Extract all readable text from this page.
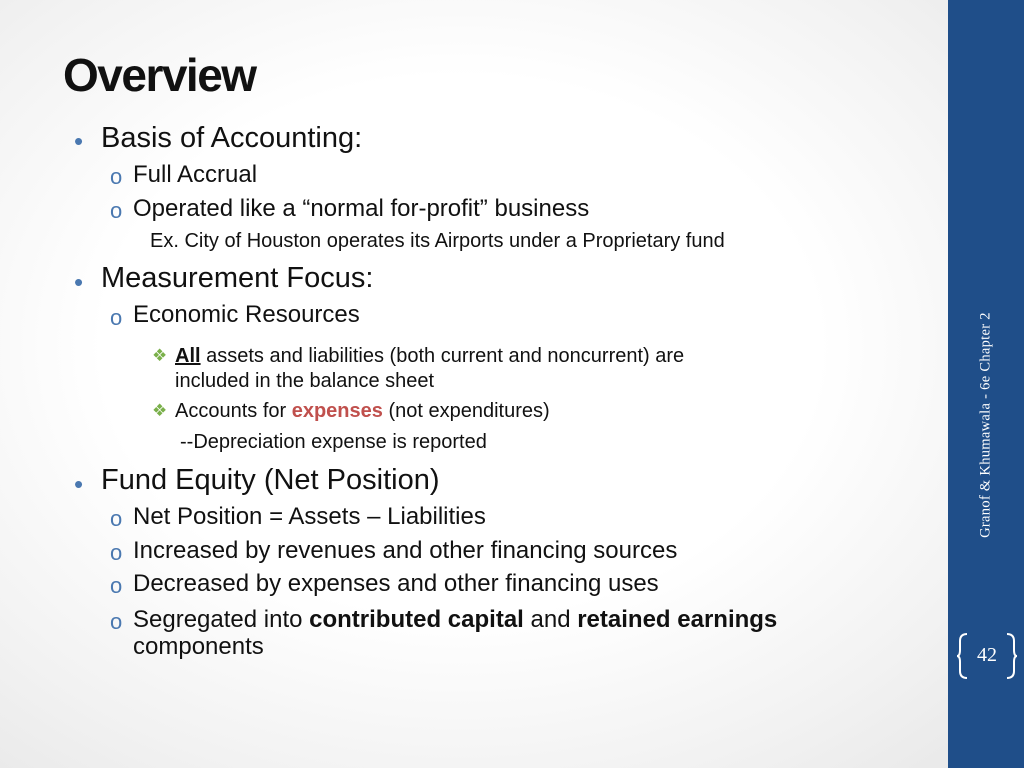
Overview
• Basis of Accounting:
o Full Accrual
o Operated like a “normal for-profit” business
Ex. City of Houston operates its Airports under a Proprietary fund
• Measurement Focus:
o Economic Resources
❖ All assets and liabilities (both current and noncurrent) are
included in the balance sheet
❖ Accounts for expenses (not expenditures)
--Depreciation expense is reported
• Fund Equity (Net Position)
o Net Position = Assets – Liabilities
o Increased by revenues and other financing sources
o Decreased by expenses and other financing uses
o Segregated into contributed capital and retained earnings
components
Granof & Khumawala - 6e Chapter 2
42
